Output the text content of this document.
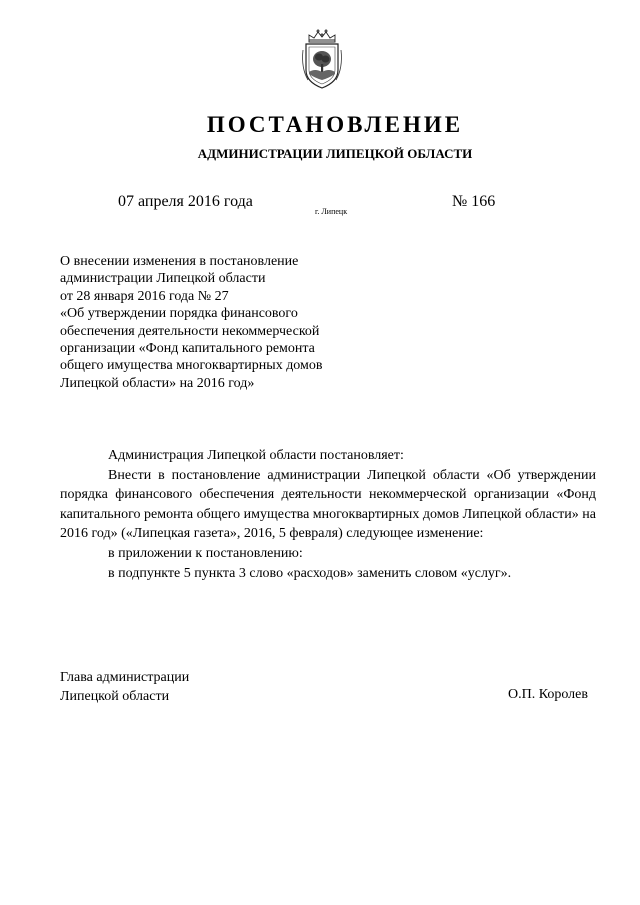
ПОСТАНОВЛЕНИЕ
АДМИНИСТРАЦИИ ЛИПЕЦКОЙ ОБЛАСТИ
07 апреля 2016 года
г. Липецк
№ 166
О внесении изменения в постановление
администрации Липецкой области
от 28 января 2016 года № 27
«Об утверждении порядка финансового
обеспечения деятельности некоммерческой
организации «Фонд капитального ремонта
общего имущества многоквартирных домов
Липецкой области» на 2016 год»
Администрация Липецкой области постановляет:
Внести в постановление администрации Липецкой области «Об утверждении порядка финансового обеспечения деятельности некоммерческой организации «Фонд капитального ремонта общего имущества многоквартирных домов Липецкой области» на 2016 год» («Липецкая газета», 2016, 5 февраля) следующее изменение:
в приложении к постановлению:
в подпункте 5 пункта 3 слово «расходов» заменить словом «услуг».
Глава администрации
Липецкой области	О.П. Королев
